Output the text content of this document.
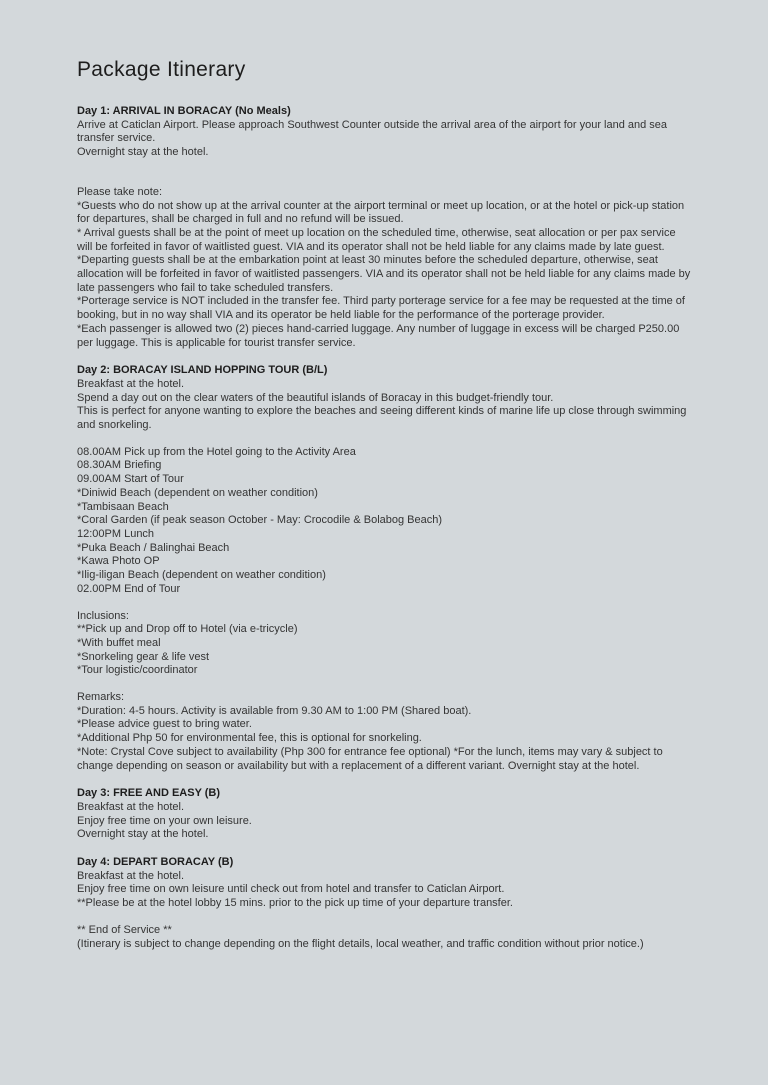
Package Itinerary
Day 1: ARRIVAL IN BORACAY (No Meals)
Arrive at Caticlan Airport. Please approach Southwest Counter outside the arrival area of the airport for your land and sea transfer service.
Overnight stay at the hotel.
Please take note:
*Guests who do not show up at the arrival counter at the airport terminal or meet up location, or at the hotel or pick-up station for departures, shall be charged in full and no refund will be issued.
* Arrival guests shall be at the point of meet up location on the scheduled time, otherwise, seat allocation or per pax service will be forfeited in favor of waitlisted guest. VIA and its operator shall not be held liable for any claims made by late guest.
*Departing guests shall be at the embarkation point at least 30 minutes before the scheduled departure, otherwise, seat allocation will be forfeited in favor of waitlisted passengers. VIA and its operator shall not be held liable for any claims made by late passengers who fail to take scheduled transfers.
*Porterage service is NOT included in the transfer fee. Third party porterage service for a fee may be requested at the time of booking, but in no way shall VIA and its operator be held liable for the performance of the porterage provider.
*Each passenger is allowed two (2) pieces hand-carried luggage. Any number of luggage in excess will be charged P250.00 per luggage. This is applicable for tourist transfer service.
Day 2: BORACAY ISLAND HOPPING TOUR (B/L)
Breakfast at the hotel.
Spend a day out on the clear waters of the beautiful islands of Boracay in this budget-friendly tour.
This is perfect for anyone wanting to explore the beaches and seeing different kinds of marine life up close through swimming and snorkeling.
08.00AM Pick up from the Hotel going to the Activity Area
08.30AM Briefing
09.00AM Start of Tour
*Diniwid Beach (dependent on weather condition)
*Tambisaan Beach
*Coral Garden (if peak season October - May: Crocodile & Bolabog Beach)
12:00PM Lunch
*Puka Beach / Balinghai Beach
*Kawa Photo OP
*Ilig-iligan Beach (dependent on weather condition)
02.00PM End of Tour
Inclusions:
**Pick up and Drop off to Hotel (via e-tricycle)
*With buffet meal
*Snorkeling gear & life vest
*Tour logistic/coordinator
Remarks:
*Duration: 4-5 hours. Activity is available from 9.30 AM to 1:00 PM (Shared boat).
*Please advice guest to bring water.
*Additional Php 50 for environmental fee, this is optional for snorkeling.
*Note: Crystal Cove subject to availability (Php 300 for entrance fee optional) *For the lunch, items may vary & subject to change depending on season or availability but with a replacement of a different variant. Overnight stay at the hotel.
Day 3: FREE AND EASY (B)
Breakfast at the hotel.
Enjoy free time on your own leisure.
Overnight stay at the hotel.
Day 4: DEPART BORACAY (B)
Breakfast at the hotel.
Enjoy free time on own leisure until check out from hotel and transfer to Caticlan Airport.
**Please be at the hotel lobby 15 mins. prior to the pick up time of your departure transfer.
** End of Service **
(Itinerary is subject to change depending on the flight details, local weather, and traffic condition without prior notice.)
